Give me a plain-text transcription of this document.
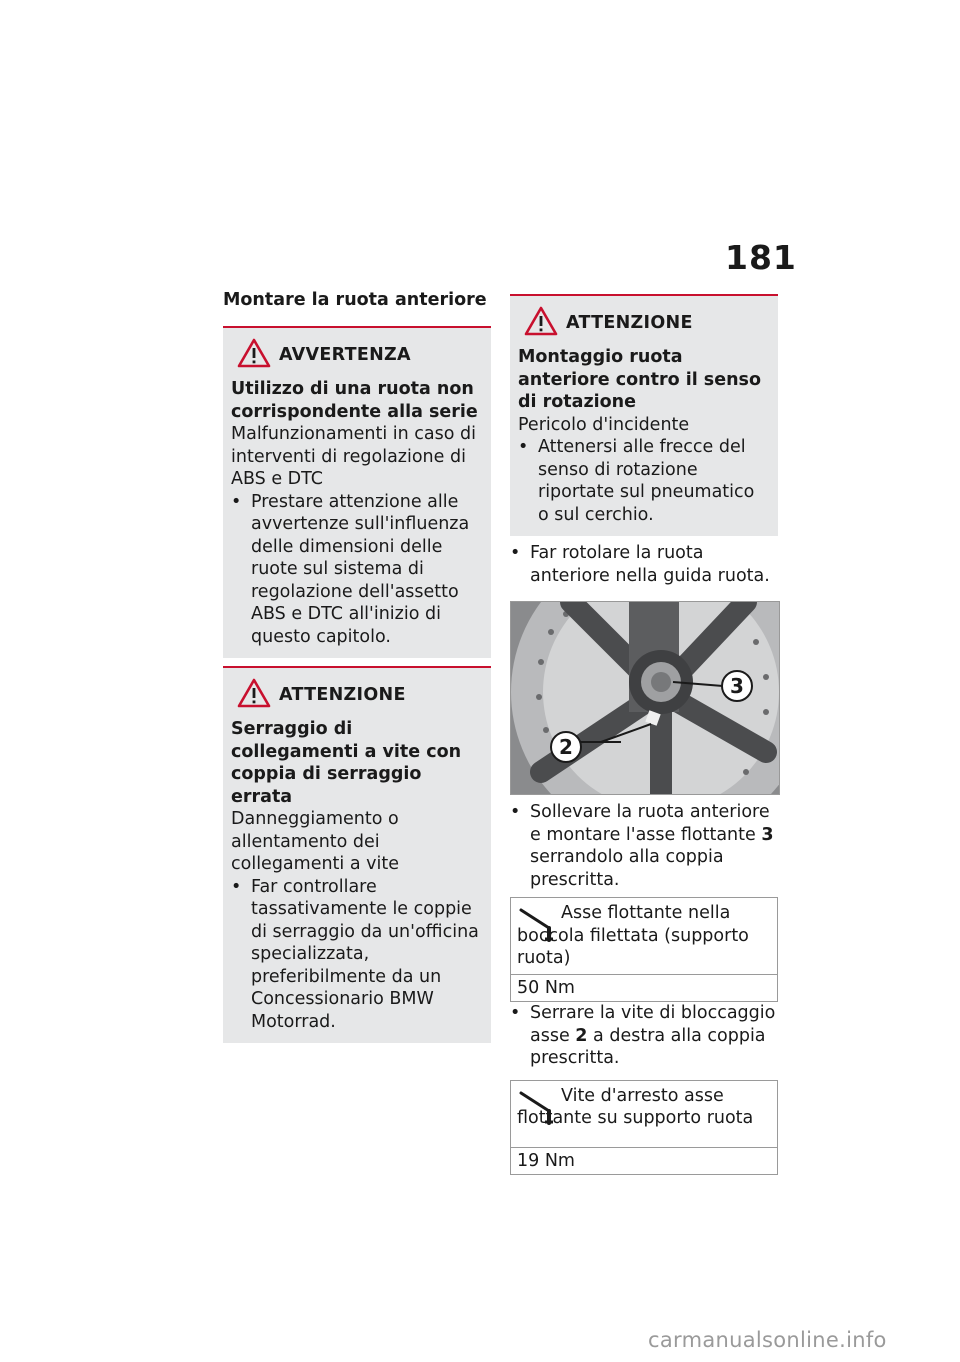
181
Montare la ruota anteriore
AVVERTENZA
Utilizzo di una ruota non corrispondente alla serie
Malfunzionamenti in caso di interventi di regolazione di ABS e DTC
• Prestare attenzione alle avvertenze sull'influenza delle dimensioni delle ruote sul sistema di regolazione dell'assetto ABS e DTC all'inizio di questo capitolo.
ATTENZIONE
Serraggio di collegamenti a vite con coppia di serraggio errata
Danneggiamento o allentamento dei collegamenti a vite
• Far controllare tassativamente le coppie di serraggio da un'officina specializzata, preferibilmente da un Concessionario BMW Motorrad.
ATTENZIONE
Montaggio ruota anteriore contro il senso di rotazione
Pericolo d'incidente
• Attenersi alle frecce del senso di rotazione riportate sul pneumatico o sul cerchio.
• Far rotolare la ruota anteriore nella guida ruota.
3
2
• Sollevare la ruota anteriore e montare l'asse flottante 3 serrandolo alla coppia prescritta.
Asse flottante nella boccola filettata (supporto ruota)
50 Nm
• Serrare la vite di bloccaggio asse 2 a destra alla coppia prescritta.
Vite d'arresto asse flottante su supporto ruota
19 Nm
carmanualsonline.info
